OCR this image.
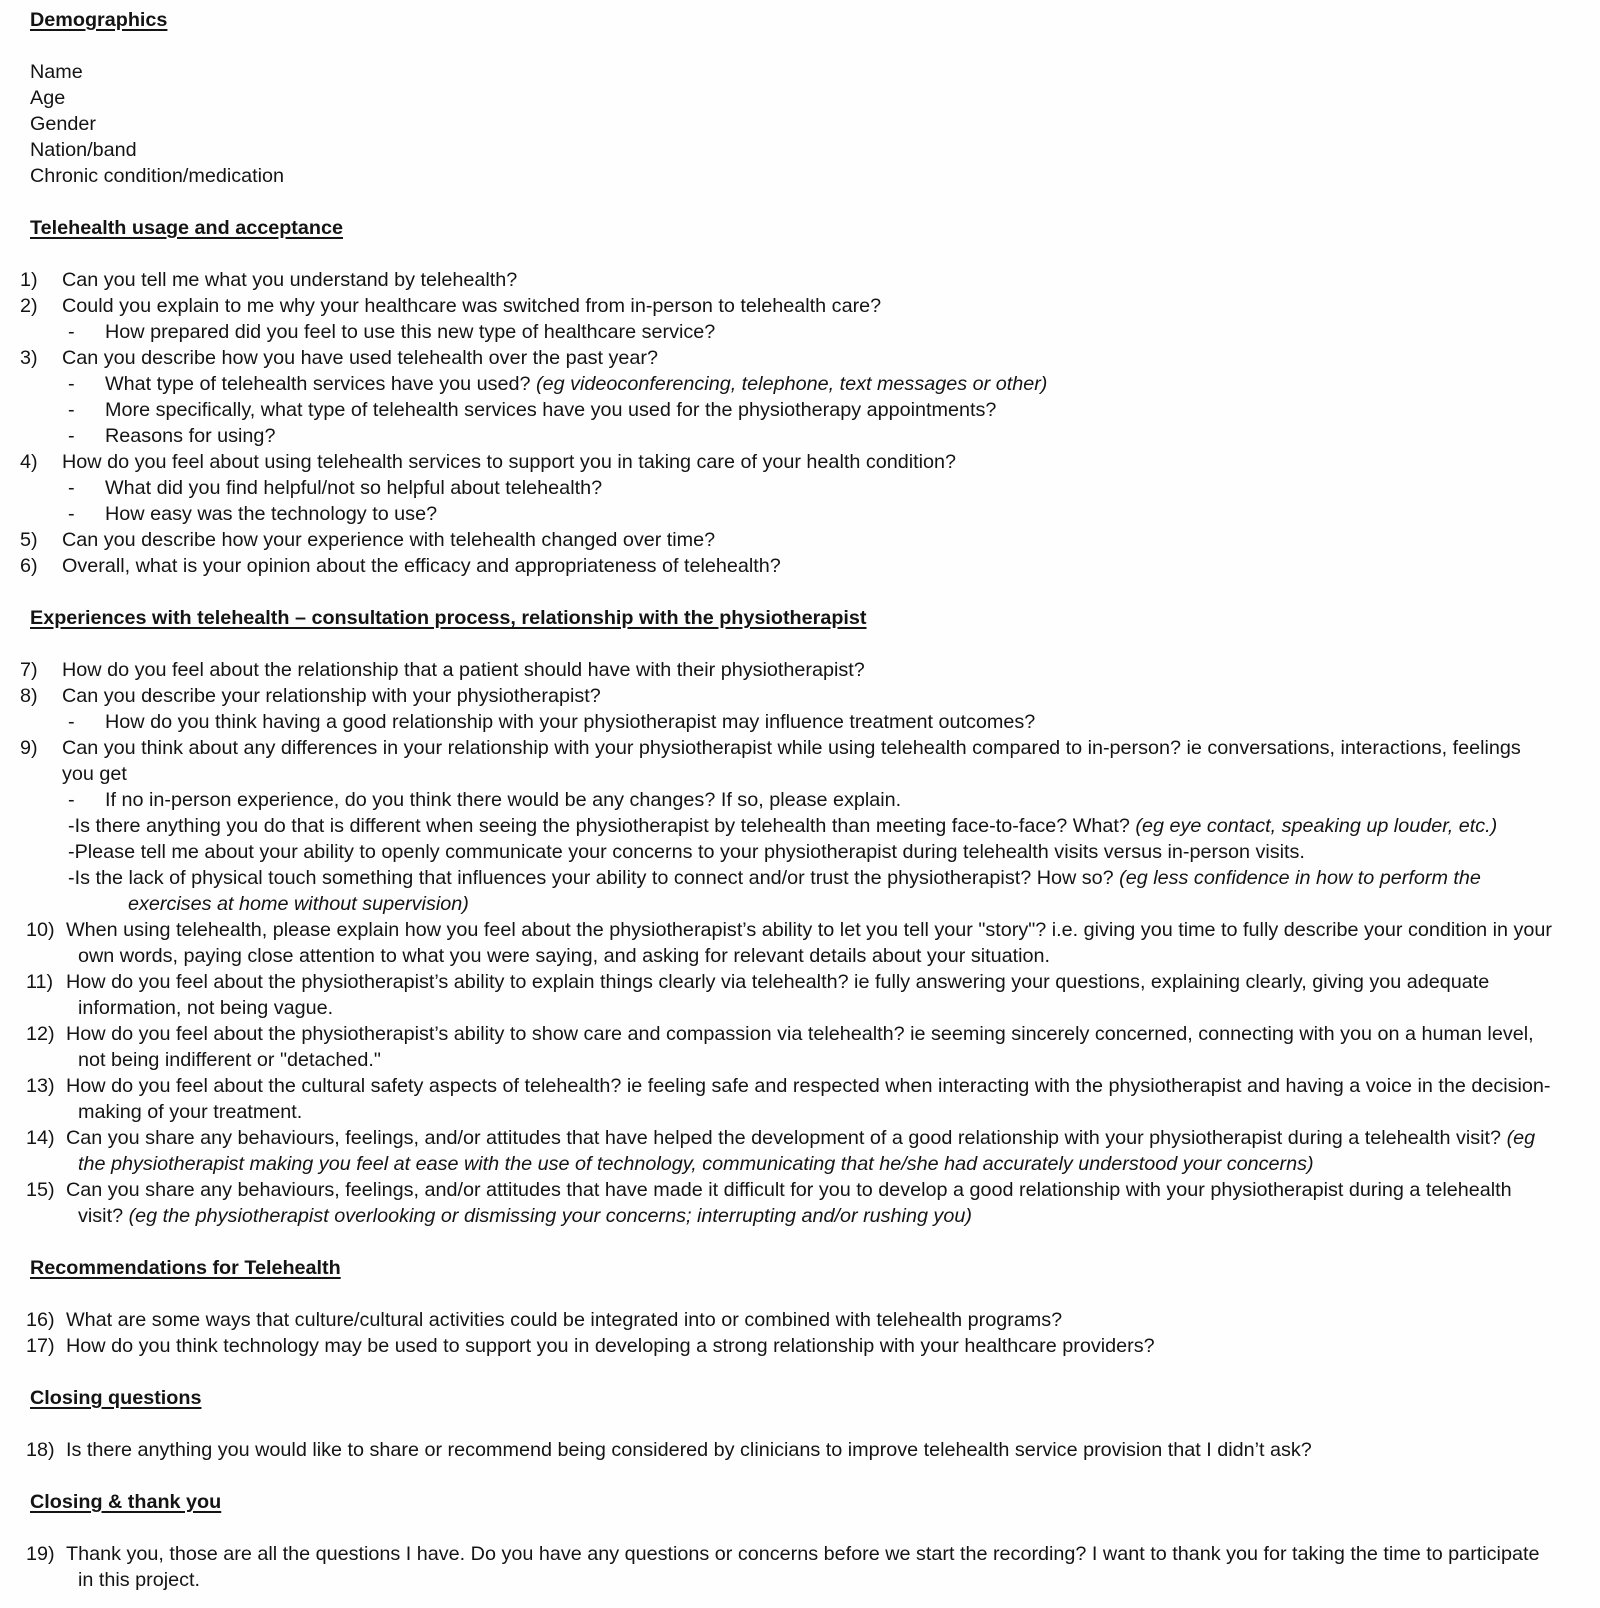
Demographics
Name
Age
Gender
Nation/band
Chronic condition/medication
Telehealth usage and acceptance
1) Can you tell me what you understand by telehealth?
2) Could you explain to me why your healthcare was switched from in-person to telehealth care?
- How prepared did you feel to use this new type of healthcare service?
3) Can you describe how you have used telehealth over the past year?
- What type of telehealth services have you used? (eg videoconferencing, telephone, text messages or other)
- More specifically, what type of telehealth services have you used for the physiotherapy appointments?
- Reasons for using?
4) How do you feel about using telehealth services to support you in taking care of your health condition?
- What did you find helpful/not so helpful about telehealth?
- How easy was the technology to use?
5) Can you describe how your experience with telehealth changed over time?
6) Overall, what is your opinion about the efficacy and appropriateness of telehealth?
Experiences with telehealth – consultation process, relationship with the physiotherapist
7) How do you feel about the relationship that a patient should have with their physiotherapist?
8) Can you describe your relationship with your physiotherapist?
- How do you think having a good relationship with your physiotherapist may influence treatment outcomes?
9) Can you think about any differences in your relationship with your physiotherapist while using telehealth compared to in-person? ie conversations, interactions, feelings you get
- If no in-person experience, do you think there would be any changes? If so, please explain.
-Is there anything you do that is different when seeing the physiotherapist by telehealth than meeting face-to-face? What? (eg eye contact, speaking up louder, etc.)
-Please tell me about your ability to openly communicate your concerns to your physiotherapist during telehealth visits versus in-person visits.
-Is the lack of physical touch something that influences your ability to connect and/or trust the physiotherapist? How so? (eg less confidence in how to perform the exercises at home without supervision)
10) When using telehealth, please explain how you feel about the physiotherapist’s ability to let you tell your "story"? i.e. giving you time to fully describe your condition in your own words, paying close attention to what you were saying, and asking for relevant details about your situation.
11) How do you feel about the physiotherapist’s ability to explain things clearly via telehealth? ie fully answering your questions, explaining clearly, giving you adequate information, not being vague.
12) How do you feel about the physiotherapist’s ability to show care and compassion via telehealth? ie seeming sincerely concerned, connecting with you on a human level, not being indifferent or "detached."
13) How do you feel about the cultural safety aspects of telehealth? ie feeling safe and respected when interacting with the physiotherapist and having a voice in the decision-making of your treatment.
14) Can you share any behaviours, feelings, and/or attitudes that have helped the development of a good relationship with your physiotherapist during a telehealth visit? (eg the physiotherapist making you feel at ease with the use of technology, communicating that he/she had accurately understood your concerns)
15) Can you share any behaviours, feelings, and/or attitudes that have made it difficult for you to develop a good relationship with your physiotherapist during a telehealth visit? (eg the physiotherapist overlooking or dismissing your concerns; interrupting and/or rushing you)
Recommendations for Telehealth
16) What are some ways that culture/cultural activities could be integrated into or combined with telehealth programs?
17) How do you think technology may be used to support you in developing a strong relationship with your healthcare providers?
Closing questions
18) Is there anything you would like to share or recommend being considered by clinicians to improve telehealth service provision that I didn’t ask?
Closing & thank you
19) Thank you, those are all the questions I have. Do you have any questions or concerns before we start the recording? I want to thank you for taking the time to participate in this project.
